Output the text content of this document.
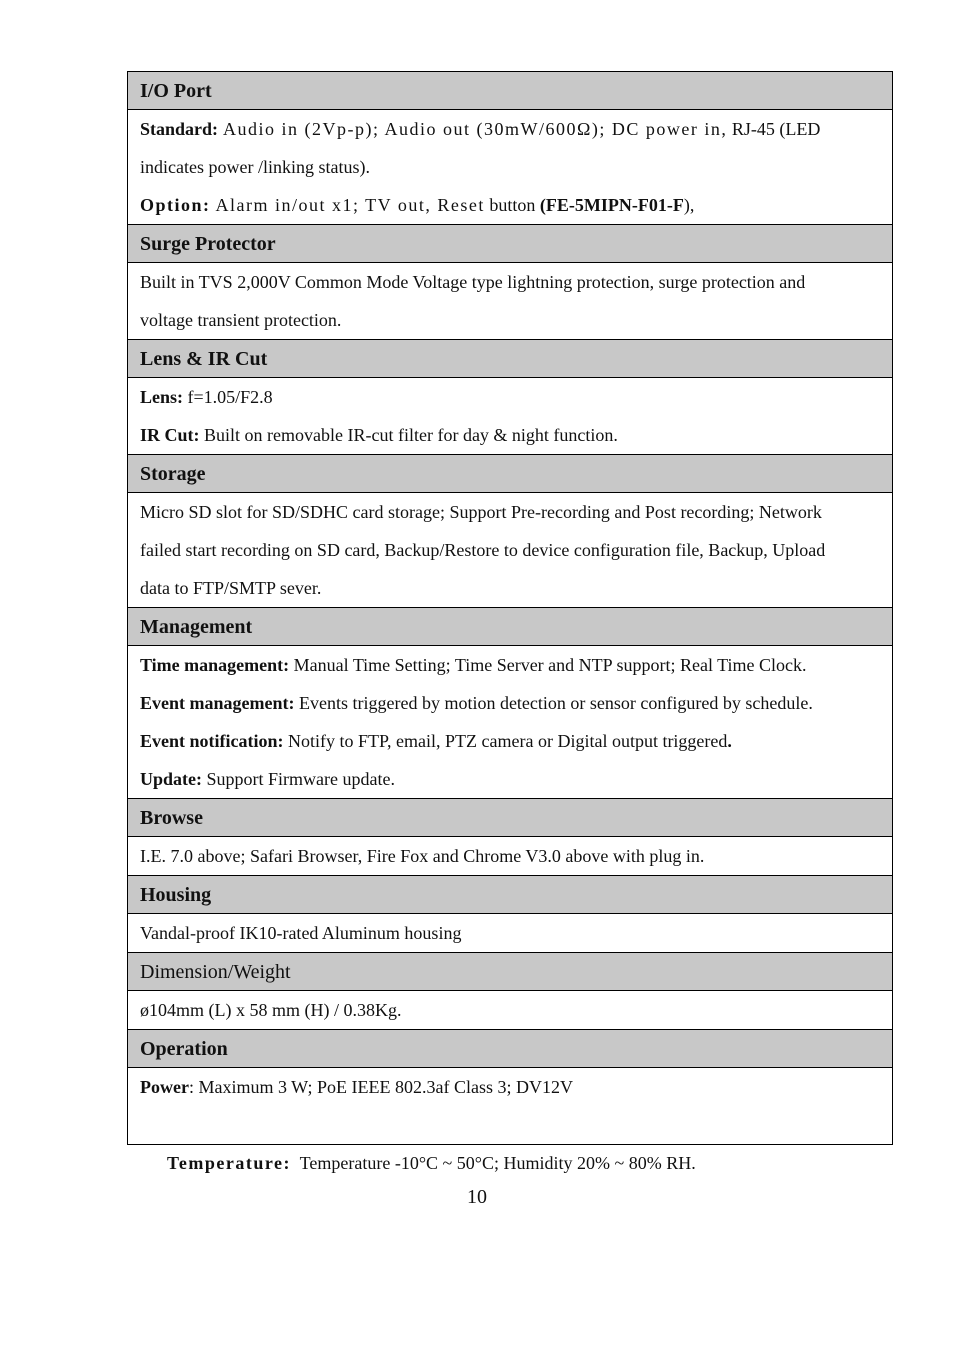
I/O Port
Standard: Audio in (2Vp-p); Audio out (30mW/600Ω); DC power in, RJ-45 (LED
indicates power /linking status).
Option: Alarm in/out x1; TV out, Reset button (FE-5MIPN-F01-F),
Surge Protector
Built in TVS 2,000V Common Mode Voltage type lightning protection, surge protection and
voltage transient protection.
Lens & IR Cut
Lens: f=1.05/F2.8
IR Cut: Built on removable IR-cut filter for day & night function.
Storage
Micro SD slot for SD/SDHC card storage; Support Pre-recording and Post recording; Network
failed start recording on SD card, Backup/Restore to device configuration file, Backup, Upload
data to FTP/SMTP sever.
Management
Time management: Manual Time Setting; Time Server and NTP support; Real Time Clock.
Event management: Events triggered by motion detection or sensor configured by schedule.
Event notification: Notify to FTP, email, PTZ camera or Digital output triggered.
Update: Support Firmware update.
Browse
I.E. 7.0 above; Safari Browser, Fire Fox and Chrome V3.0 above with plug in.
Housing
Vandal-proof IK10-rated Aluminum housing
Dimension/Weight
ø104mm (L) x 58 mm (H) / 0.38Kg.
Operation
Power: Maximum 3 W; PoE IEEE 802.3af Class 3; DV12V

Temperature:  Temperature -10°C ~ 50°C; Humidity 20% ~ 80% RH.

10
